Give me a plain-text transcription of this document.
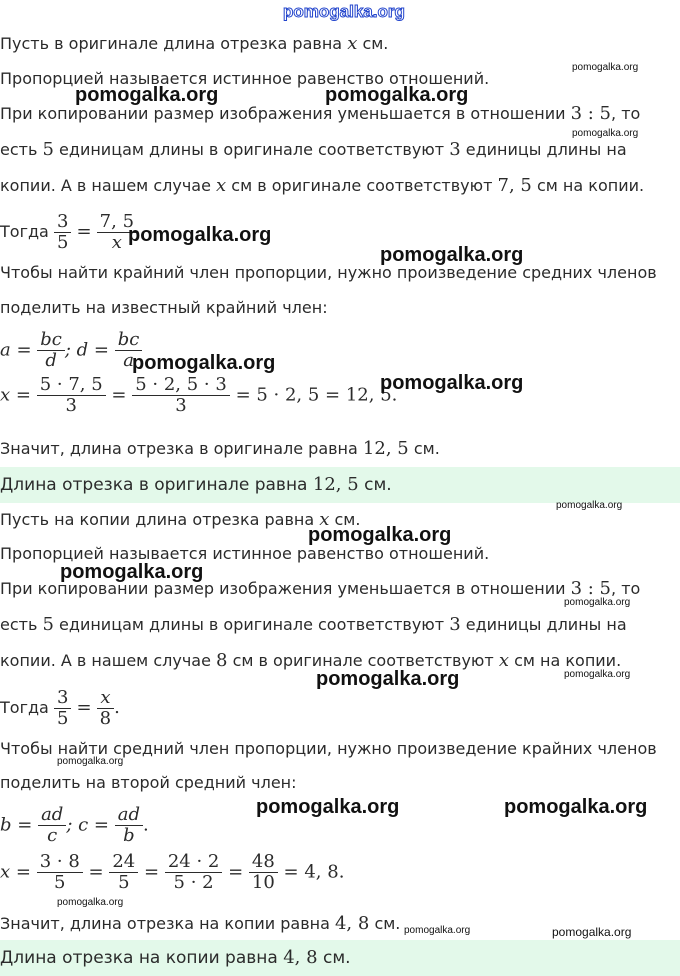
pomogalka.org
Пусть в оригинале длина отрезка равна x см.
Пропорцией называется истинное равенство отношений.
При копировании размер изображения уменьшается в отношении 3 : 5, то
есть 5 единицам длины в оригинале соответствуют 3 единицы длины на
копии. А в нашем случае x см в оригинале соответствуют 7, 5 см на копии.
Тогда $\frac{3}{5} = \frac{7, 5}{x}$
Чтобы найти крайний член пропорции, нужно произведение средних членов
поделить на известный крайний член:
$a = \frac{bc}{d}$ ; $d = \frac{bc}{a}$
$x = \frac{5 \cdot 7, 5}{3} = \frac{5 \cdot 2, 5 \cdot 3}{3} = 5 \cdot 2$, 5 = 12, 5.
Значит, длина отрезка в оригинале равна 12, 5 см.
Длина отрезка в оригинале равна 12, 5 см.
Пусть на копии длина отрезка равна x см.
Пропорцией называется истинное равенство отношений.
При копировании размер изображения уменьшается в отношении 3 : 5, то
есть 5 единицам длины в оригинале соответствуют 3 единицы длины на
копии. А в нашем случае 8 см в оригинале соответствуют x см на копии.
Тогда $\frac{3}{5} = \frac{x}{8}$ .
Чтобы найти средний член пропорции, нужно произведение крайних членов
поделить на второй средний член:
$b = \frac{ad}{c}$ ; $c = \frac{ad}{b}$ .
$x = \frac{3 \cdot 8}{5} = \frac{24}{5} = \frac{24 \cdot 2}{5 \cdot 2} = \frac{48}{10} = 4$, 8.
Значит, длина отрезка на копии равна 4, 8 см.
Длина отрезка на копии равна 4, 8 см.
pomogalka.org
pomogalka.org	pomogalka.org
pomogalka.org
pomogalka.org
pomogalka.org
pomogalka.org
pomogalka.org
pomogalka.org
pomogalka.org
pomogalka.org
pomogalka.org
pomogalka.org
pomogalka.org
pomogalka.org
pomogalka.org	pomogalka.org
pomogalka.org
pomogalka.org	pomogalka.org
